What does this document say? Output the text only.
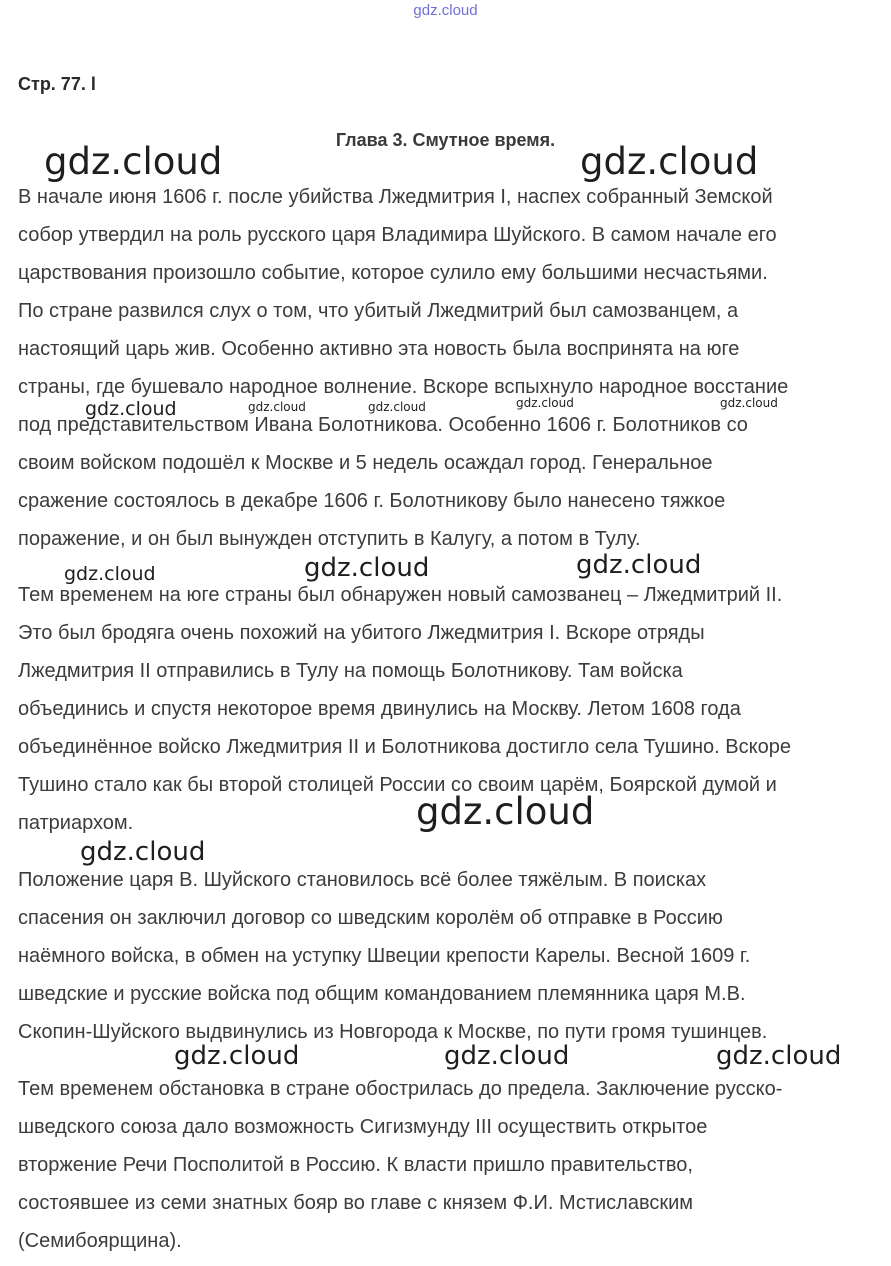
gdz.cloud
Стр. 77. l
Глава 3. Смутное время.
В начале июня 1606 г. после убийства Лжедмитрия I, наспех собранный Земской
собор утвердил на роль русского царя Владимира Шуйского. В самом начале его
царствования произошло событие, которое сулило ему большими несчастьями.
По стране развился слух о том, что убитый Лжедмитрий был самозванцем, а
настоящий царь жив. Особенно активно эта новость была воспринята на юге
страны, где бушевало народное волнение. Вскоре вспыхнуло народное восстание
под представительством Ивана Болотникова. Особенно 1606 г. Болотников со
своим войском подошёл к Москве и 5 недель осаждал город. Генеральное
сражение состоялось в декабре 1606 г. Болотникову было нанесено тяжкое
поражение, и он был вынужден отступить в Калугу, а потом в Тулу.
Тем временем на юге страны был обнаружен новый самозванец – Лжедмитрий II.
Это был бродяга очень похожий на убитого Лжедмитрия I. Вскоре отряды
Лжедмитрия II отправились в Тулу на помощь Болотникову. Там войска
объединись и спустя некоторое время двинулись на Москву. Летом 1608 года
объединённое войско Лжедмитрия II и Болотникова достигло села Тушино. Вскоре
Тушино стало как бы второй столицей России со своим царём, Боярской думой и
патриархом.
Положение царя В. Шуйского становилось всё более тяжёлым. В поисках
спасения он заключил договор со шведским королём об отправке в Россию
наёмного войска, в обмен на уступку Швеции крепости Карелы. Весной 1609 г.
шведские и русские войска под общим командованием племянника царя М.В.
Скопин-Шуйского выдвинулись из Новгорода к Москве, по пути громя тушинцев.
Тем временем обстановка в стране обострилась до предела. Заключение русско-
шведского союза дало возможность Сигизмунду III осуществить открытое
вторжение Речи Посполитой в Россию. К власти пришло правительство,
состоявшее из семи знатных бояр во главе с князем Ф.И. Мстиславским
(Семибоярщина).
gdz.cloud	gdz.cloud
gdz.cloud	gdz.cloud	gdz.cloud	gdz.cloud	gdz.cloud
gdz.cloud	gdz.cloud	gdz.cloud
gdz.cloud
gdz.cloud
gdz.cloud	gdz.cloud	gdz.cloud
